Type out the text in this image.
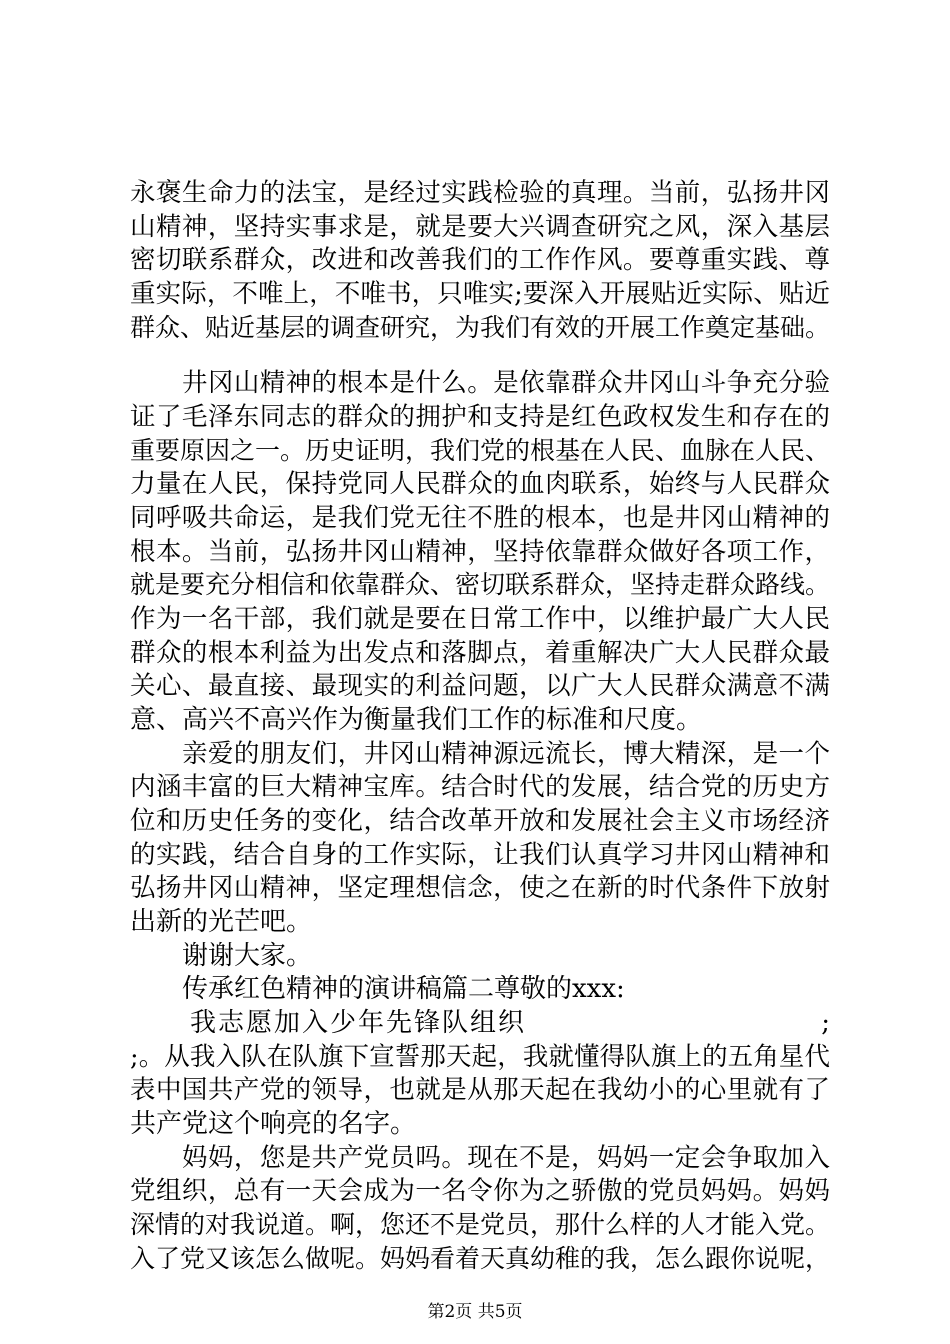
永褒生命力的法宝，是经过实践检验的真理。当前，弘扬井冈
山精神，坚持实事求是，就是要大兴调查研究之风，深入基层
密切联系群众，改进和改善我们的工作作风。要尊重实践、尊
重实际，不唯上，不唯书，只唯实;要深入开展贴近实际、贴近
群众、贴近基层的调查研究，为我们有效的开展工作奠定基础。
井冈山精神的根本是什么。是依靠群众井冈山斗争充分验
证了毛泽东同志的群众的拥护和支持是红色政权发生和存在的
重要原因之一。历史证明，我们党的根基在人民、血脉在人民、
力量在人民，保持党同人民群众的血肉联系，始终与人民群众
同呼吸共命运，是我们党无往不胜的根本，也是井冈山精神的
根本。当前，弘扬井冈山精神，坚持依靠群众做好各项工作，
就是要充分相信和依靠群众、密切联系群众，坚持走群众路线。
作为一名干部，我们就是要在日常工作中，以维护最广大人民
群众的根本利益为出发点和落脚点，着重解决广大人民群众最
关心、最直接、最现实的利益问题，以广大人民群众满意不满
意、高兴不高兴作为衡量我们工作的标准和尺度。
亲爱的朋友们，井冈山精神源远流长，博大精深，是一个
内涵丰富的巨大精神宝库。结合时代的发展，结合党的历史方
位和历史任务的变化，结合改革开放和发展社会主义市场经济
的实践，结合自身的工作实际，让我们认真学习井冈山精神和
弘扬井冈山精神，坚定理想信念，使之在新的时代条件下放射
出新的光芒吧。
谢谢大家。
传承红色精神的演讲稿篇二尊敬的xxx:
我志愿加入少年先锋队组织	;
;。从我入队在队旗下宣誓那天起，我就懂得队旗上的五角星代
表中国共产党的领导，也就是从那天起在我幼小的心里就有了
共产党这个响亮的名字。
妈妈，您是共产党员吗。现在不是，妈妈一定会争取加入
党组织，总有一天会成为一名令你为之骄傲的党员妈妈。妈妈
深情的对我说道。啊，您还不是党员，那什么样的人才能入党。
入了党又该怎么做呢。妈妈看着天真幼稚的我，怎么跟你说呢，
第2页 共5页
